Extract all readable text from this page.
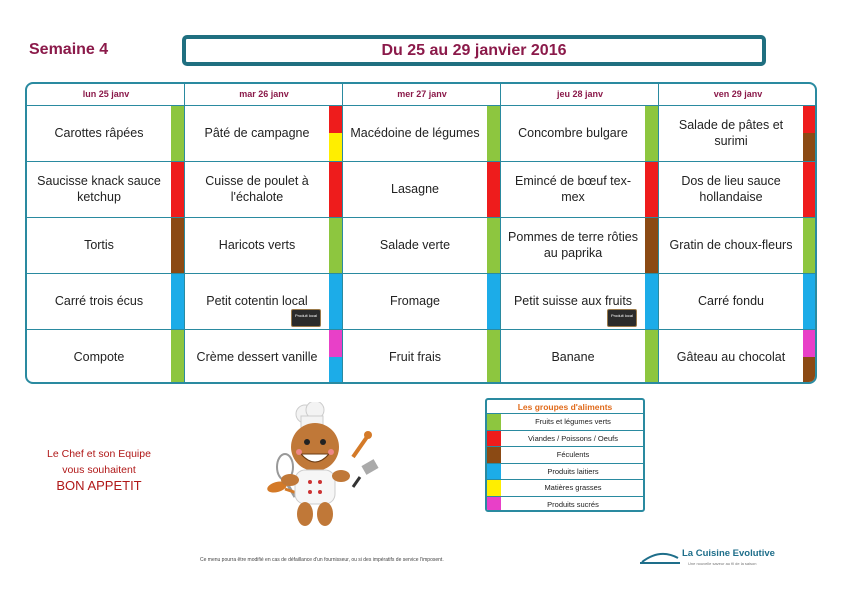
Semaine 4	Du 25 au 29 janvier 2016
lun 25 janv
Carottes râpées
Saucisse knack sauce ketchup
Tortis
Carré trois écus
Compote
mar 26 janv
Pâté de campagne
Cuisse de poulet à l'échalote
Haricots verts
Petit cotentin local
Produit local
Crème dessert vanille
mer 27 janv
Macédoine de légumes
Lasagne
Salade verte
Fromage
Fruit frais
jeu 28 janv
Concombre bulgare
Emincé de bœuf tex-mex
Pommes de terre rôties au paprika
Petit suisse aux fruits
Produit local
Banane
ven 29 janv
Salade de pâtes et surimi
Dos de lieu sauce hollandaise
Gratin de choux-fleurs
Carré fondu
Gâteau au chocolat
Les groupes d'aliments
Fruits et légumes verts
Viandes / Poissons / Oeufs
Féculents
Produits laitiers
Matières grasses
Produits sucrés
Le Chef et son Equipe
vous souhaitent
BON APPETIT
Ce menu pourra être modifié en cas de défaillance d'un fournisseur, ou si des impératifs de service l'imposent.
La Cuisine Evolutive
Une nouvelle saveur au fil de la saison
